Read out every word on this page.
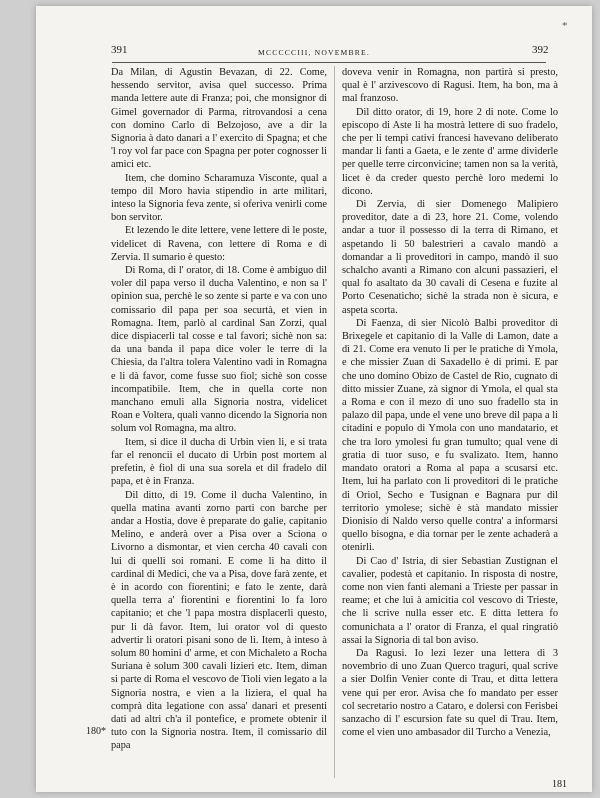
*
391	MCCCCCIII, NOVEMBRE.	392

Da Milan, di Agustin Bevazan, di 22. Come, hessendo servitor, avisa quel successo. Prima manda lettere aute di Franza; poi, che monsignor di Gimel governador di Parma, ritrovandosi a cena con domino Carlo di Belzojoso, ave a dir la Signoria à dato danari a l' exercito di Spagna; et che 'l roy vol far pace con Spagna per poter cognosser li amici etc.

Item, che domino Scharamuza Visconte, qual a tempo dil Moro havia stipendio in arte militari, inteso la Signoria feva zente, si oferiva venirli come bon servitor.

Et lezendo le dite lettere, vene lettere di le poste, videlicet di Ravena, con lettere di Roma e di Zervia. Il sumario è questo:

Di Roma, di l' orator, di 18. Come è ambiguo dil voler dil papa verso il ducha Valentino, e non sa l' opinion sua, perchè le so zente si parte e va con uno comissario dil papa per soa securtà, et vien in Romagna. Item, parlò al cardinal San Zorzi, qual dice dispiacerli tal cosse e tal favori; sichè non sa: da una banda il papa dice voler le terre di la Chiesia, da l'altra tolera Valentino vadi in Romagna e li dà favor, come fusse suo fiol; sichè son cosse incompatibile. Item, che in quella corte non manchano emuli alla Signoria nostra, videlicet Roan e Voltera, quali vanno dicendo la Signoria non solum vol Romagna, ma altro.

Item, si dice il ducha di Urbin vien li, e si trata far el renoncii el ducato di Urbin post mortem al prefetin, è fiol di una sua sorela et dil fradelo dil papa, et è in Franza.

Dil ditto, di 19. Come il ducha Valentino, in quella matina avanti zorno parti con barche per andar a Hostia, dove è preparate do galie, capitanio Melino, e anderà over a Pisa over a Sciona o Livorno a dismontar, et vien cercha 40 cavali con lui di quelli soi romani. E come li ha ditto il cardinal di Medici, che va a Pisa, dove farà zente, et è in acordo con fiorentini; e fato le zente, darà quella terra a' fiorentini e fiorentini lo fa loro capitanio; et che 'l papa mostra displacerli questo, pur li dà favor. Item, lui orator vol di questo advertir li oratori pisani sono de li. Item, à inteso à solum 80 homini d' arme, et con Michaleto a Rocha Suriana è solum 300 cavali lizieri etc. Item, diman si parte di Roma el vescovo de Tioli vien legato a la Signoria nostra, e vien a la liziera, el qual ha comprà dita legatione con assa' danari et presenti dati ad altri ch'a il pontefice, e promete obtenir il tuto con la Signoria nostra. Item, il comissario dil papa

doveva venir in Romagna, non partirà si presto, qual è l' arzivescovo di Ragusi. Item, ha bon, ma à mal franzoso.

Dil ditto orator, di 19, hore 2 di note. Come lo episcopo di Aste li ha mostrà lettere di suo fradelo, che per li tempi cativi francesi havevano deliberato mandar li fanti a Gaeta, e le zente d' arme dividerle per quelle terre circonvicine; tamen non sa la verità, licet è da creder questo perchè loro medemi lo dicono.

Di Zervia, di sier Domenego Malipiero proveditor, date a dì 23, hore 21. Come, volendo andar a tuor il possesso di la terra di Rimano, et aspetando li 50 balestrieri a cavalo mandò a domandar a li proveditori in campo, mandò il suo schalcho avanti a Rimano con alcuni passazieri, el qual fo asaltato da 30 cavali di Cesena e fuzite al Porto Cesenaticho; sichè la strada non è sicura, e aspeta scorta.

Di Faenza, di sier Nicolò Balbi proveditor di Brixegele et capitanio di la Valle di Lamon, date a dì 21. Come era venuto li per le pratiche di Ymola, e che missier Zuan di Saxadello è di primi. E par che uno domino Obizo de Castel de Rio, cugnato di ditto missier Zuane, zà signor di Ymola, el qual sta a Roma e con il mezo di uno suo fradello sta in palazo dil papa, unde el vene uno breve dil papa a li citadini e populo di Ymola con uno mandatario, et che tra loro ymolesi fu gran tumulto; qual vene di gratia di tuor suso, e fu svalizato. Item, hanno mandato oratori a Roma al papa a scusarsi etc. Item, lui ha parlato con li proveditori di le pratiche di Oriol, Secho e Tusignan e Bagnara pur dil territorio ymolese; sichè è stà mandato missier Dionisio di Naldo verso quelle contra' a informarsi quello bisogna, e dia tornar per le zente achaderà a otenirli.

Di Cao d' Istria, di sier Sebastian Zustignan el cavalier, podestà et capitanio. In risposta di nostre, come non vien fanti alemani a Trieste per passar in reame; et che lui à amicitia col vescovo di Trieste, che li scrive nulla esser etc. E ditta lettera fo comunichata a l' orator di Franza, el qual ringratiò assai la Signoria di tal bon aviso.

Da Ragusi. Io lezi lezer una lettera di 3 novembrio di uno Zuan Querco traguri, qual scrive a sier Dolfin Venier conte di Trau, et ditta lettera vene qui per eror. Avisa che fo mandato per esser col secretario nostro a Cataro, e dolersi con Ferisbei sanzacho di l' escursion fate su quel di Trau. Item, come el vien uno ambasador dil Turcho a Venezia,

180*
181
